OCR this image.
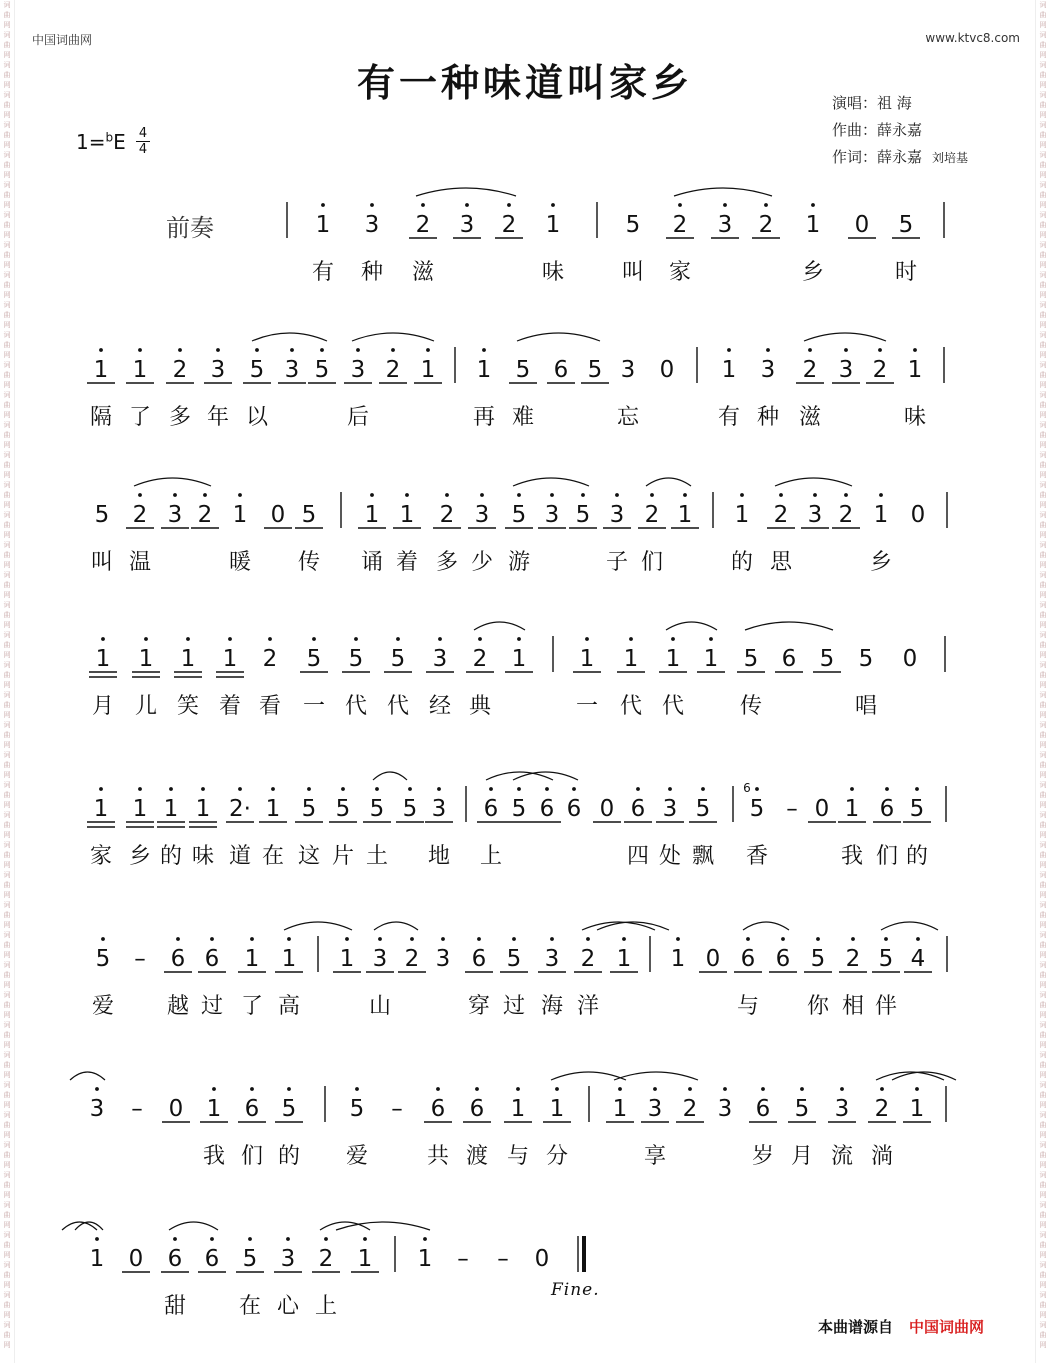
词
曲
网
词
曲
网
词
曲
网
词
曲
网
词
曲
网
词
曲
网
词
曲
网
词
曲
网
词
曲
网
词
曲
网
词
曲
网
词
曲
网
词
曲
网
词
曲
网
词
曲
网
词
曲
网
词
曲
网
词
曲
网
词
曲
网
词
曲
网
词
曲
网
词
曲
网
词
曲
网
词
曲
网
词
曲
网
词
曲
网
词
曲
网
词
曲
网
词
曲
网
词
曲
网
词
曲
网
词
曲
网
词
曲
网
词
曲
网
词
曲
网
词
曲
网
词
曲
网
词
曲
网
词
曲
网
词
曲
网
词
曲
网
词
曲
网
词
曲
网
词
曲
网
词
曲
网
词
曲
网
词
曲
网
词
曲
网
词
曲
网
词
曲
网
词
曲
网
词
曲
网
词
曲
网
词
曲
网
词
曲
网
词
曲
网
词
曲
网
词
曲
网
词
曲
网
词
曲
网
词
曲
网
词
曲
网
词
曲
网
词
曲
网
词
曲
网
词
曲
网
词
曲
网
词
曲
网
词
曲
网
词
曲
网
词
曲
网
词
曲
网
词
曲
网
词
曲
网
词
曲
网
词
曲
网
词
曲
网
词
曲
网
词
曲
网
词
曲
网
词
曲
网
词
曲
网
词
曲
网
词
曲
网
词
曲
网
词
曲
网
词
曲
网
词
曲
网
词
曲
网
词
曲
网
中国词曲网	www.ktvc8.com
有一种味道叫家乡
1=$^b$E 4
4
演唱：祖 海
作曲：薛永嘉
作词：薛永嘉 刘培基
前奏	1 3 2 3 2 1	5 2 3 2 1 0 5
1 1 2 3 5 3 5 3 2 1 1 5 6 5 3 0 1 3 2 3 2 1
5 2 3 2 1 0 5 1 1 2 3 5 3 5 3 2 1 1 2 3 2 1 0
1 1 1 1 2 5 5 5 3 2 1 1 1 1 1 5 6 5 5 0
1 1 1 1 2· 1 5 5 5 5 3 6 5 6 6 0 6 3 5 5
6
– 0 1 6 5
5 – 6 6 1 1 1 3 2 3 6 5 3 2 1 1 0 6 6 5 2 5 4
3 – 0 1 6 5 5 – 6 6 1 1 1 3 2 3 6 5 3 2 1
1 0 6 6 5 3 2 1 1 – – 0
有 种 滋	味	叫 家	乡	时
隔 了 多 年 以	后	再 难	忘	有 种 滋	味
叫 温	暖 传 诵 着 多 少 游	子 们	的 思	乡
月 儿 笑 着 看 一 代 代 经 典	一 代 代	传	唱
家 乡 的 味 道 在 这 片 土 地 上	四 处 飘 香	我 们 的
爱 越 过 了 高	山	穿 过 海 洋	与 你 相 伴
我 们 的 爱	共 渡 与 分	享	岁 月 流 淌
甜 在 心 上
Fine.
本曲谱源自 中国词曲网
